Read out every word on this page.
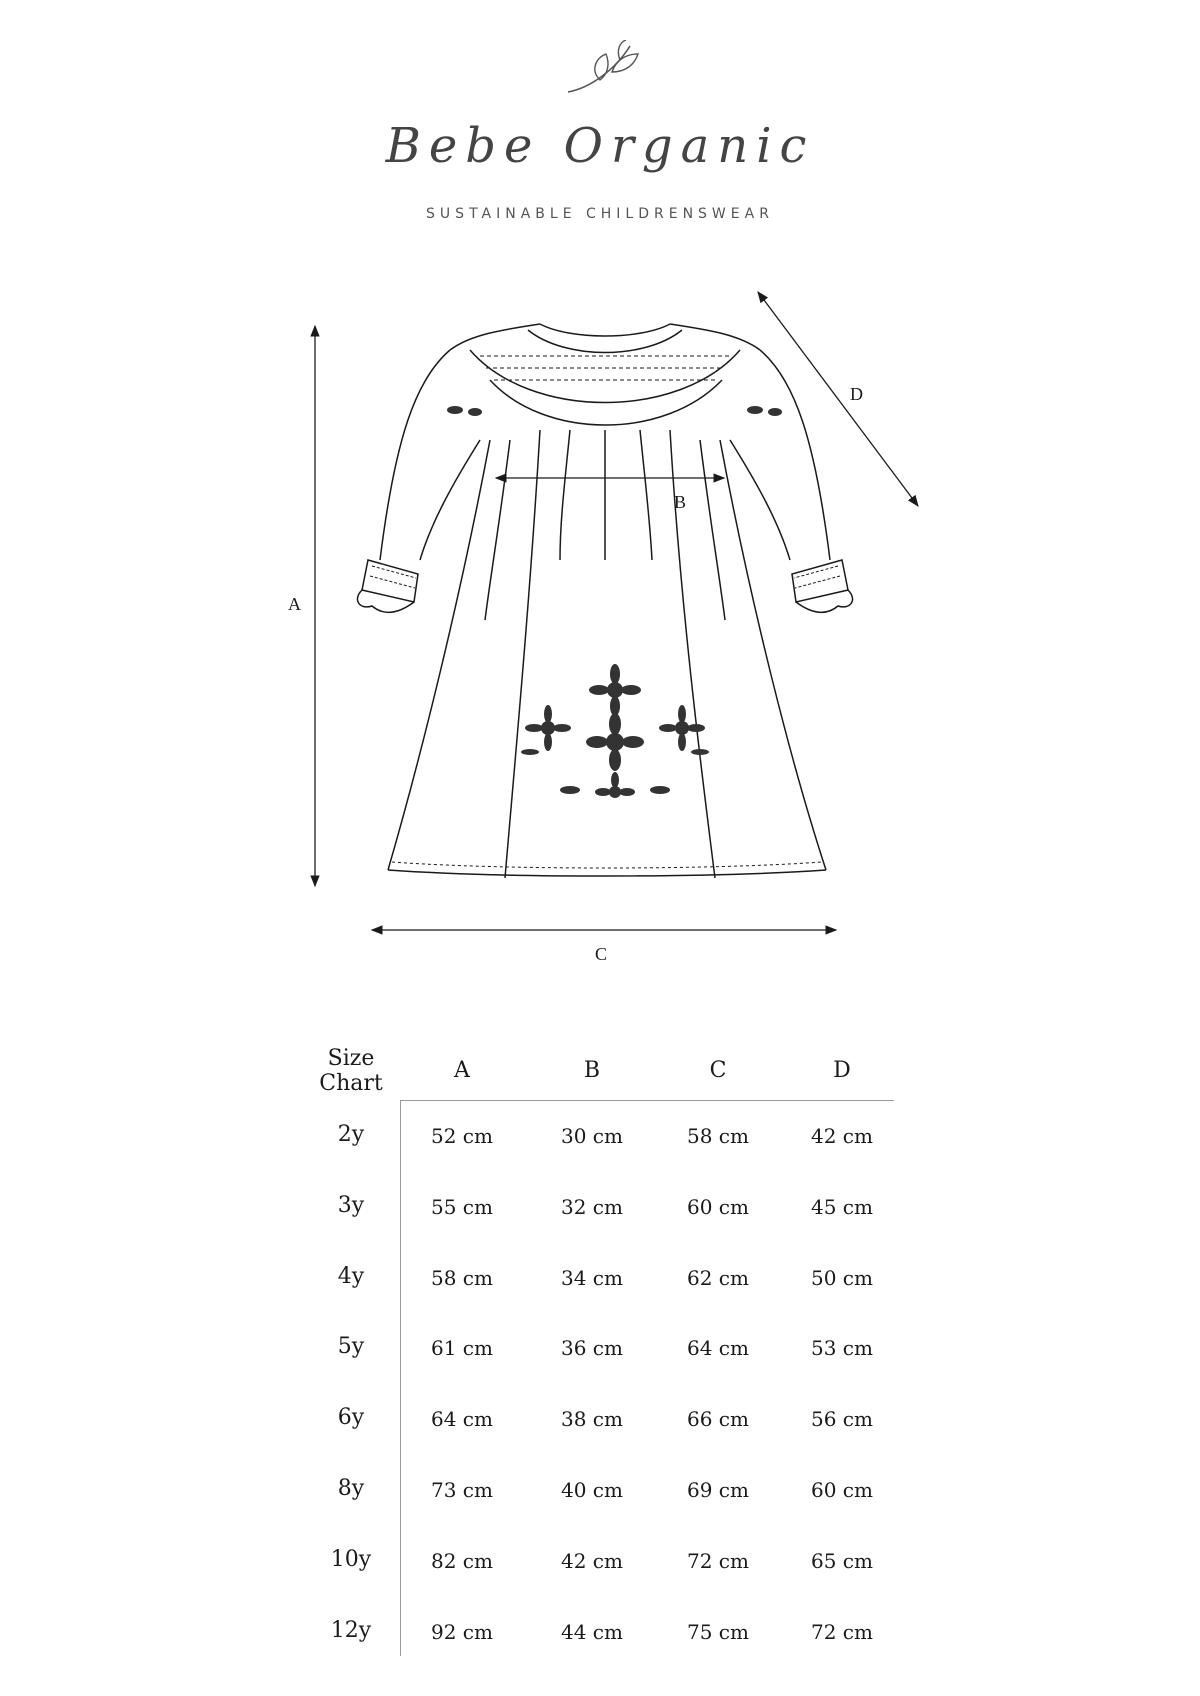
Bebe Organic
SUSTAINABLE CHILDRENSWEAR
A
B
C
D
Size
Chart
A	B	C	D
2y	52 cm	30 cm	58 cm	42 cm
3y	55 cm	32 cm	60 cm	45 cm
4y	58 cm	34 cm	62 cm	50 cm
5y	61 cm	36 cm	64 cm	53 cm
6y	64 cm	38 cm	66 cm	56 cm
8y	73 cm	40 cm	69 cm	60 cm
10y	82 cm	42 cm	72 cm	65 cm
12y	92 cm	44 cm	75 cm	72 cm
